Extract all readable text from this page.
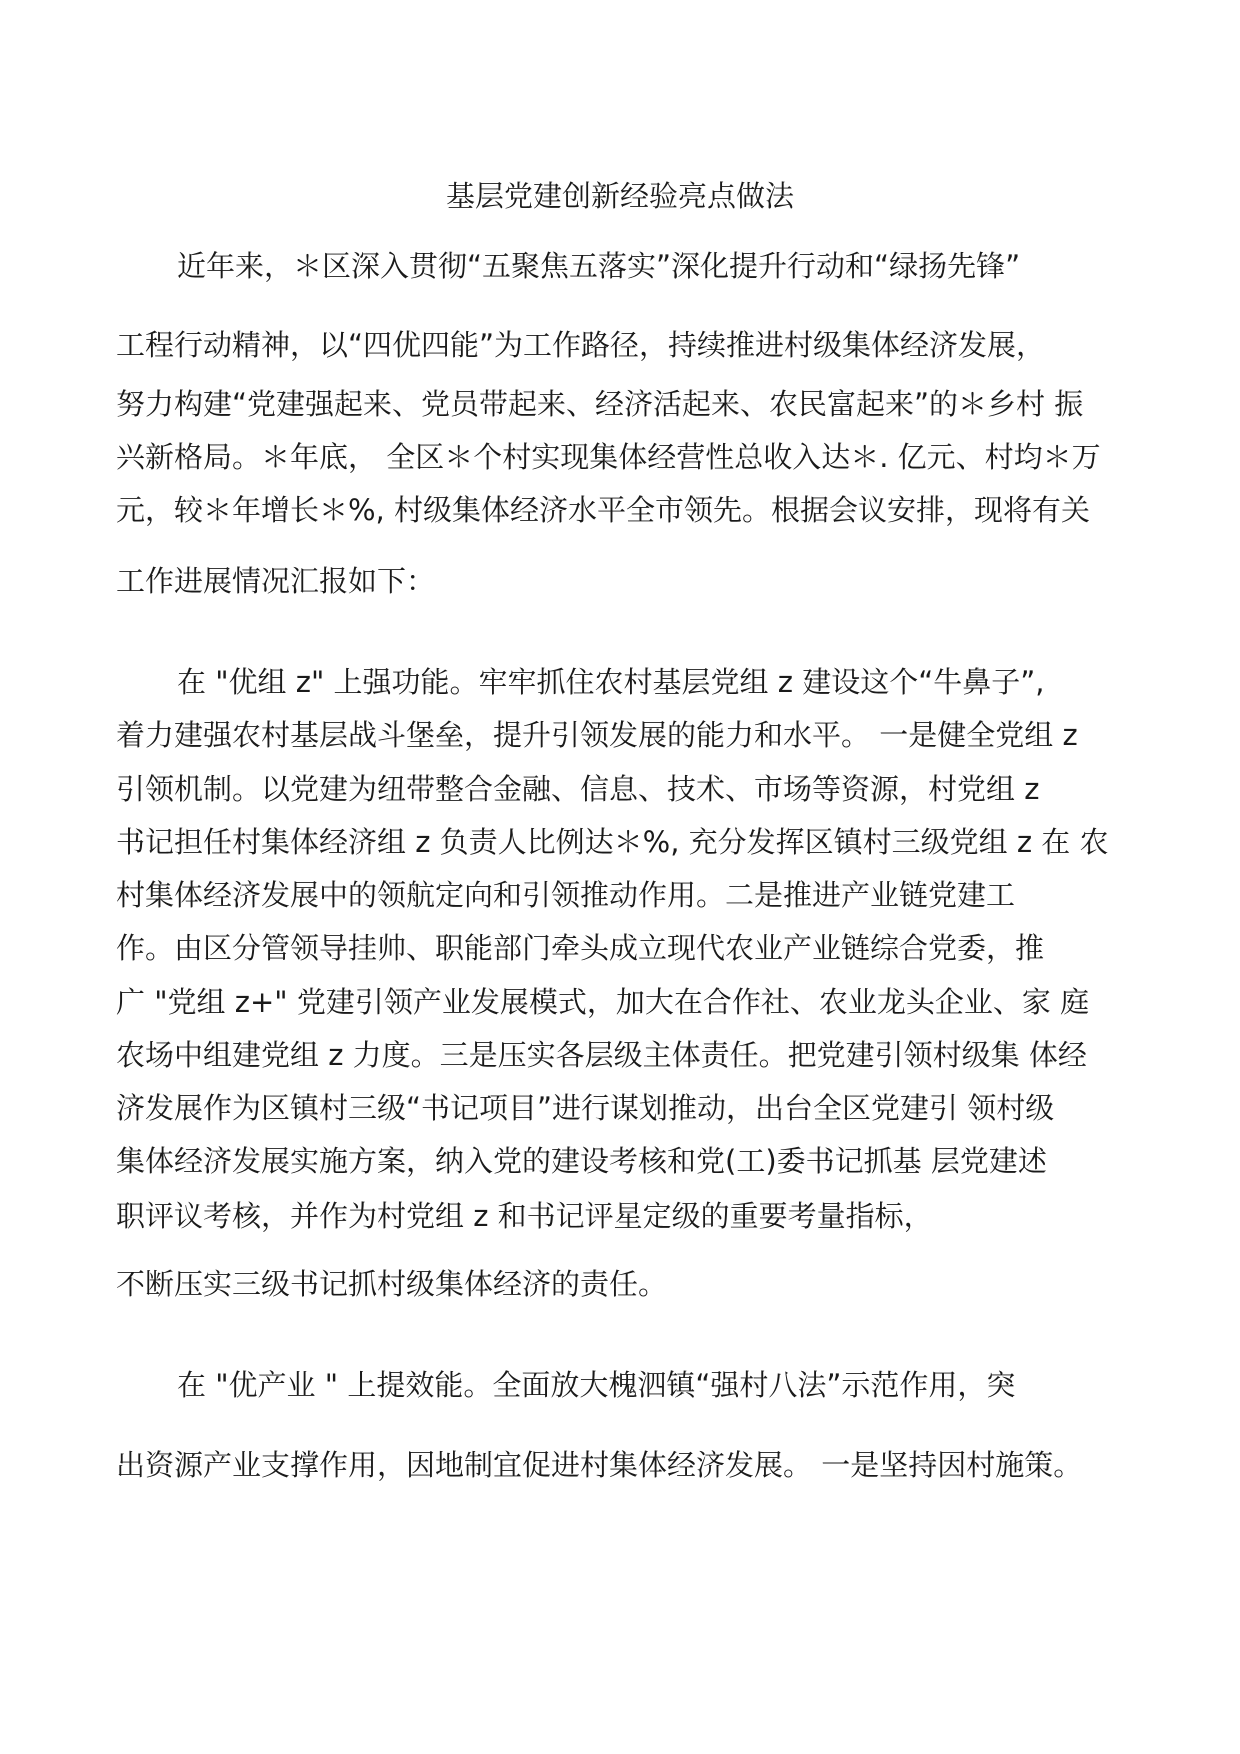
基层党建创新经验亮点做法
近年来，＊区深入贯彻“五聚焦五落实”深化提升行动和“绿扬先锋”
工程行动精神，以“四优四能”为工作路径，持续推进村级集体经济发展，
努力构建“党建强起来、党员带起来、经济活起来、农民富起来”的＊乡村 振
兴新格局。＊年底， 全区＊个村实现集体经营性总收入达＊. 亿元、村均＊万
元，较＊年增长＊%, 村级集体经济水平全市领先。根据会议安排，现将有关
工作进展情况汇报如下：
在 "优组 z" 上强功能。牢牢抓住农村基层党组 z 建设这个“牛鼻子”,
着力建强农村基层战斗堡垒，提升引领发展的能力和水平。 一是健全党组 z
引领机制。以党建为纽带整合金融、信息、技术、市场等资源，村党组 z
书记担任村集体经济组 z 负责人比例达＊%, 充分发挥区镇村三级党组 z 在 农
村集体经济发展中的领航定向和引领推动作用。二是推进产业链党建工
作。由区分管领导挂帅、职能部门牵头成立现代农业产业链综合党委，推
广 "党组 z+" 党建引领产业发展模式，加大在合作社、农业龙头企业、家 庭
农场中组建党组 z 力度。三是压实各层级主体责任。把党建引领村级集 体经
济发展作为区镇村三级“书记项目”进行谋划推动，出台全区党建引 领村级
集体经济发展实施方案，纳入党的建设考核和党(工)委书记抓基 层党建述
职评议考核，并作为村党组 z 和书记评星定级的重要考量指标，
不断压实三级书记抓村级集体经济的责任。
在 "优产业 " 上提效能。全面放大槐泗镇“强村八法”示范作用，突
出资源产业支撑作用，因地制宜促进村集体经济发展。 一是坚持因村施策。
